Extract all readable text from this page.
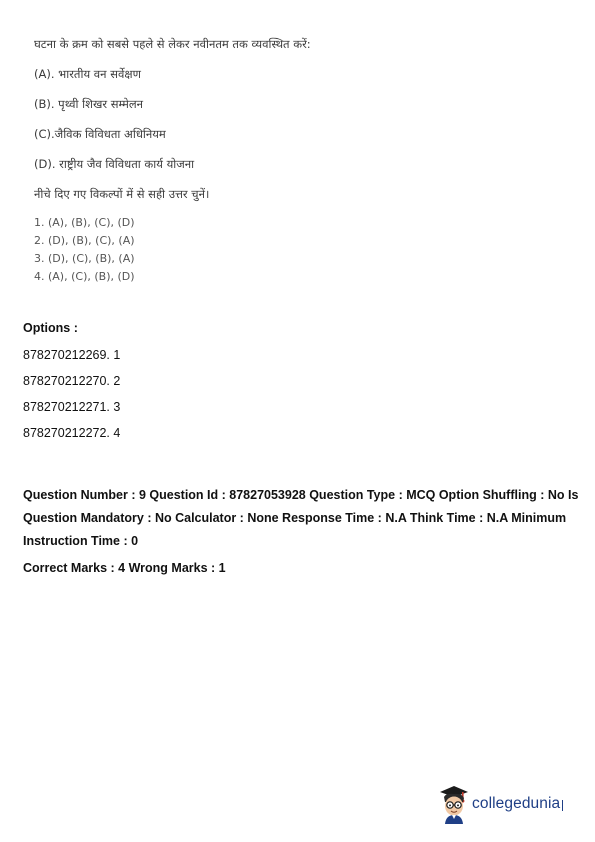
घटना के क्रम को सबसे पहले से लेकर नवीनतम तक व्यवस्थित करें:

(A). भारतीय वन सर्वेक्षण

(B). पृथ्वी शिखर सम्मेलन

(C).जैविक विविधता अधिनियम

(D). राष्ट्रीय जैव विविधता कार्य योजना

नीचे दिए गए विकल्पों में से सही उत्तर चुनें।

1. (A), (B), (C), (D)
2. (D), (B), (C), (A)
3. (D), (C), (B), (A)
4. (A), (C), (B), (D)

Options :

878270212269. 1
878270212270. 2
878270212271. 3
878270212272. 4
Question Number : 9 Question Id : 87827053928 Question Type : MCQ Option Shuffling : No Is
Question Mandatory : No Calculator : None Response Time : N.A Think Time : N.A Minimum
Instruction Time : 0
Correct Marks : 4 Wrong Marks : 1
collegedunia
